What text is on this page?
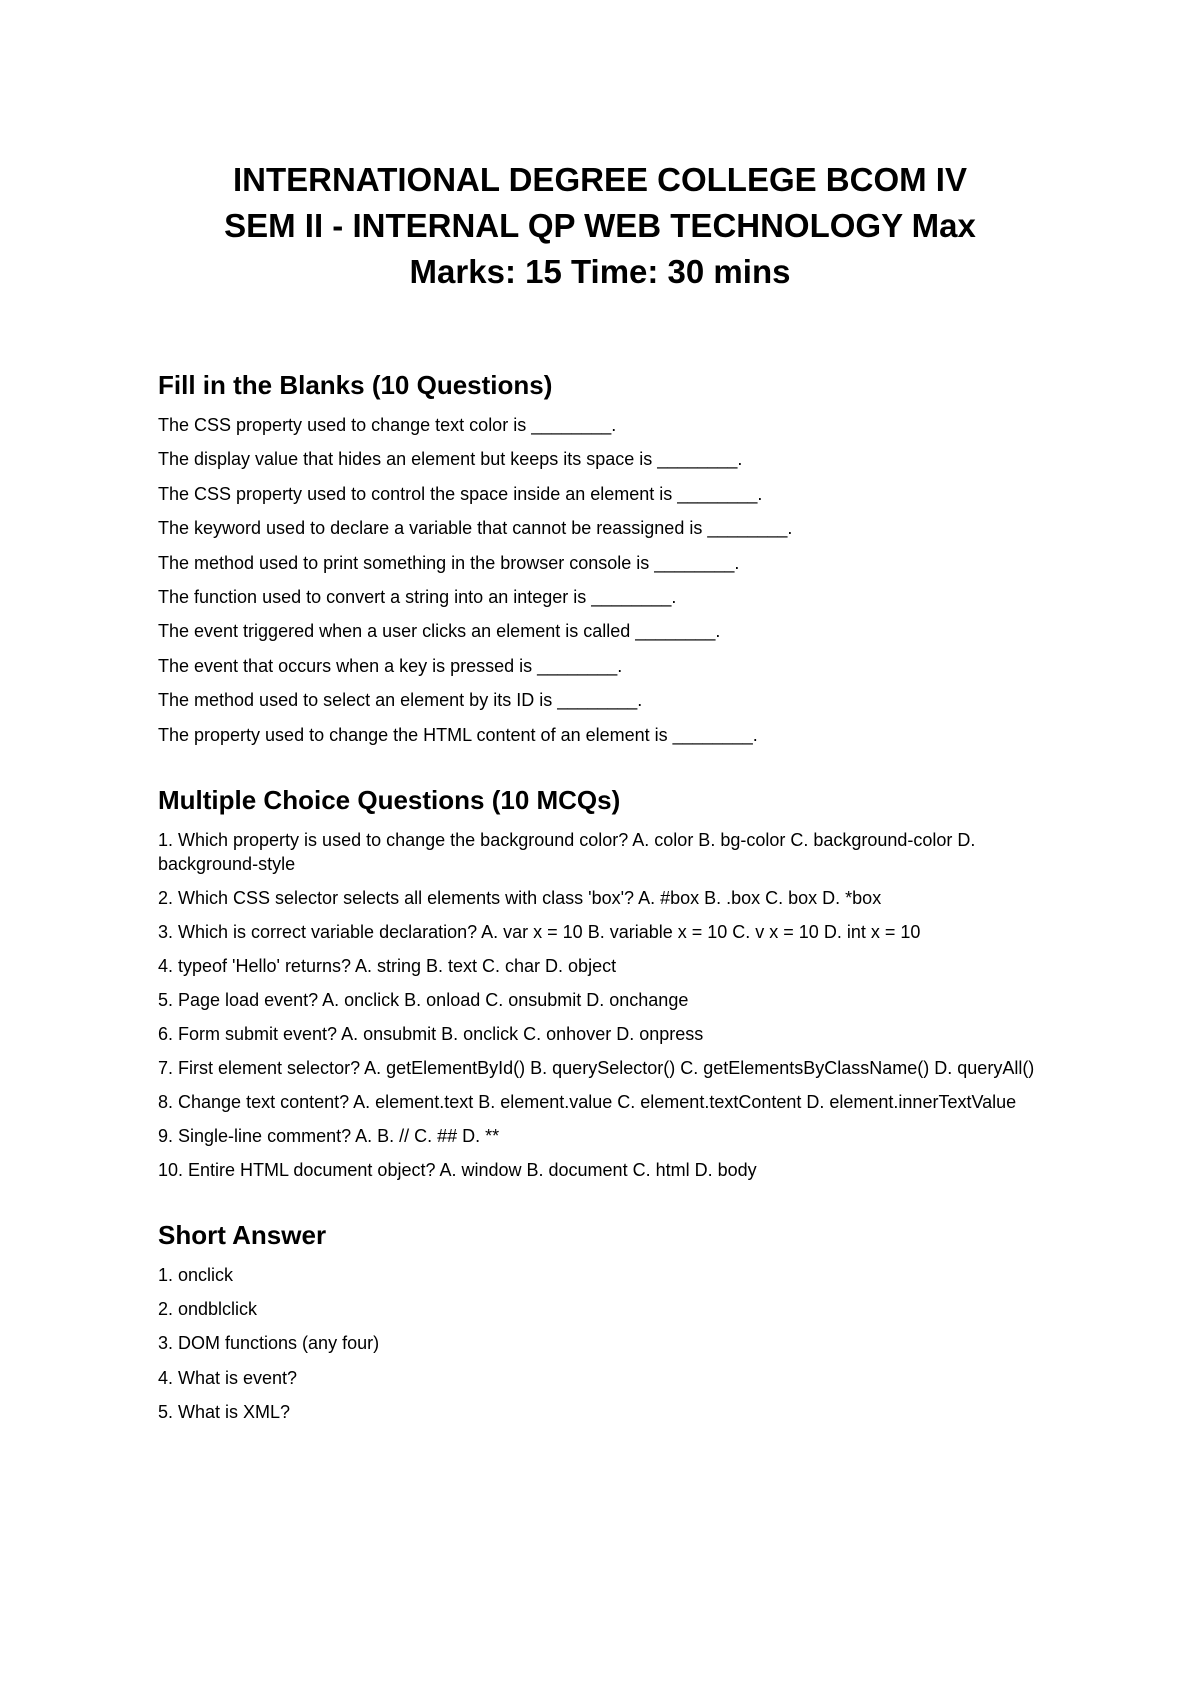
INTERNATIONAL DEGREE COLLEGE BCOM IV
SEM II - INTERNAL QP WEB TECHNOLOGY Max
Marks: 15 Time: 30 mins
Fill in the Blanks (10 Questions)
The CSS property used to change text color is ________.
The display value that hides an element but keeps its space is ________.
The CSS property used to control the space inside an element is ________.
The keyword used to declare a variable that cannot be reassigned is ________.
The method used to print something in the browser console is ________.
The function used to convert a string into an integer is ________.
The event triggered when a user clicks an element is called ________.
The event that occurs when a key is pressed is ________.
The method used to select an element by its ID is ________.
The property used to change the HTML content of an element is ________.
Multiple Choice Questions (10 MCQs)
1. Which property is used to change the background color? A. color B. bg-color C. background-color D. background-style
2. Which CSS selector selects all elements with class 'box'? A. #box B. .box C. box D. *box
3. Which is correct variable declaration? A. var x = 10 B. variable x = 10 C. v x = 10 D. int x = 10
4. typeof 'Hello' returns? A. string B. text C. char D. object
5. Page load event? A. onclick B. onload C. onsubmit D. onchange
6. Form submit event? A. onsubmit B. onclick C. onhover D. onpress
7. First element selector? A. getElementById() B. querySelector() C. getElementsByClassName() D. queryAll()
8. Change text content? A. element.text B. element.value C. element.textContent D. element.innerTextValue
9. Single-line comment? A. B. // C. ## D. **
10. Entire HTML document object? A. window B. document C. html D. body
Short Answer
1. onclick
2. ondblclick
3. DOM functions (any four)
4. What is event?
5. What is XML?
